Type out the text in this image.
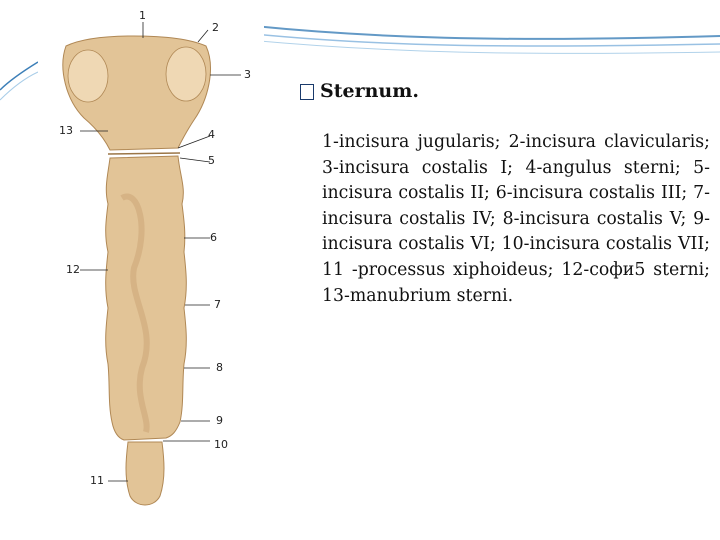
1
2
3
4
5
6
7
8
9
10
11
12
13
Sternum.

1-incisura jugularis; 2-incisura clavicularis; 3-incisura costalis I; 4-angulus sterni; 5-incisura costalis II; 6-incisura costalis III; 7-incisura costalis IV; 8-incisura costalis V; 9-incisura costalis VI; 10-incisura costalis VII; 11 -processus xiphoideus; 12-софи5 sterni; 13-manubrium sterni.
